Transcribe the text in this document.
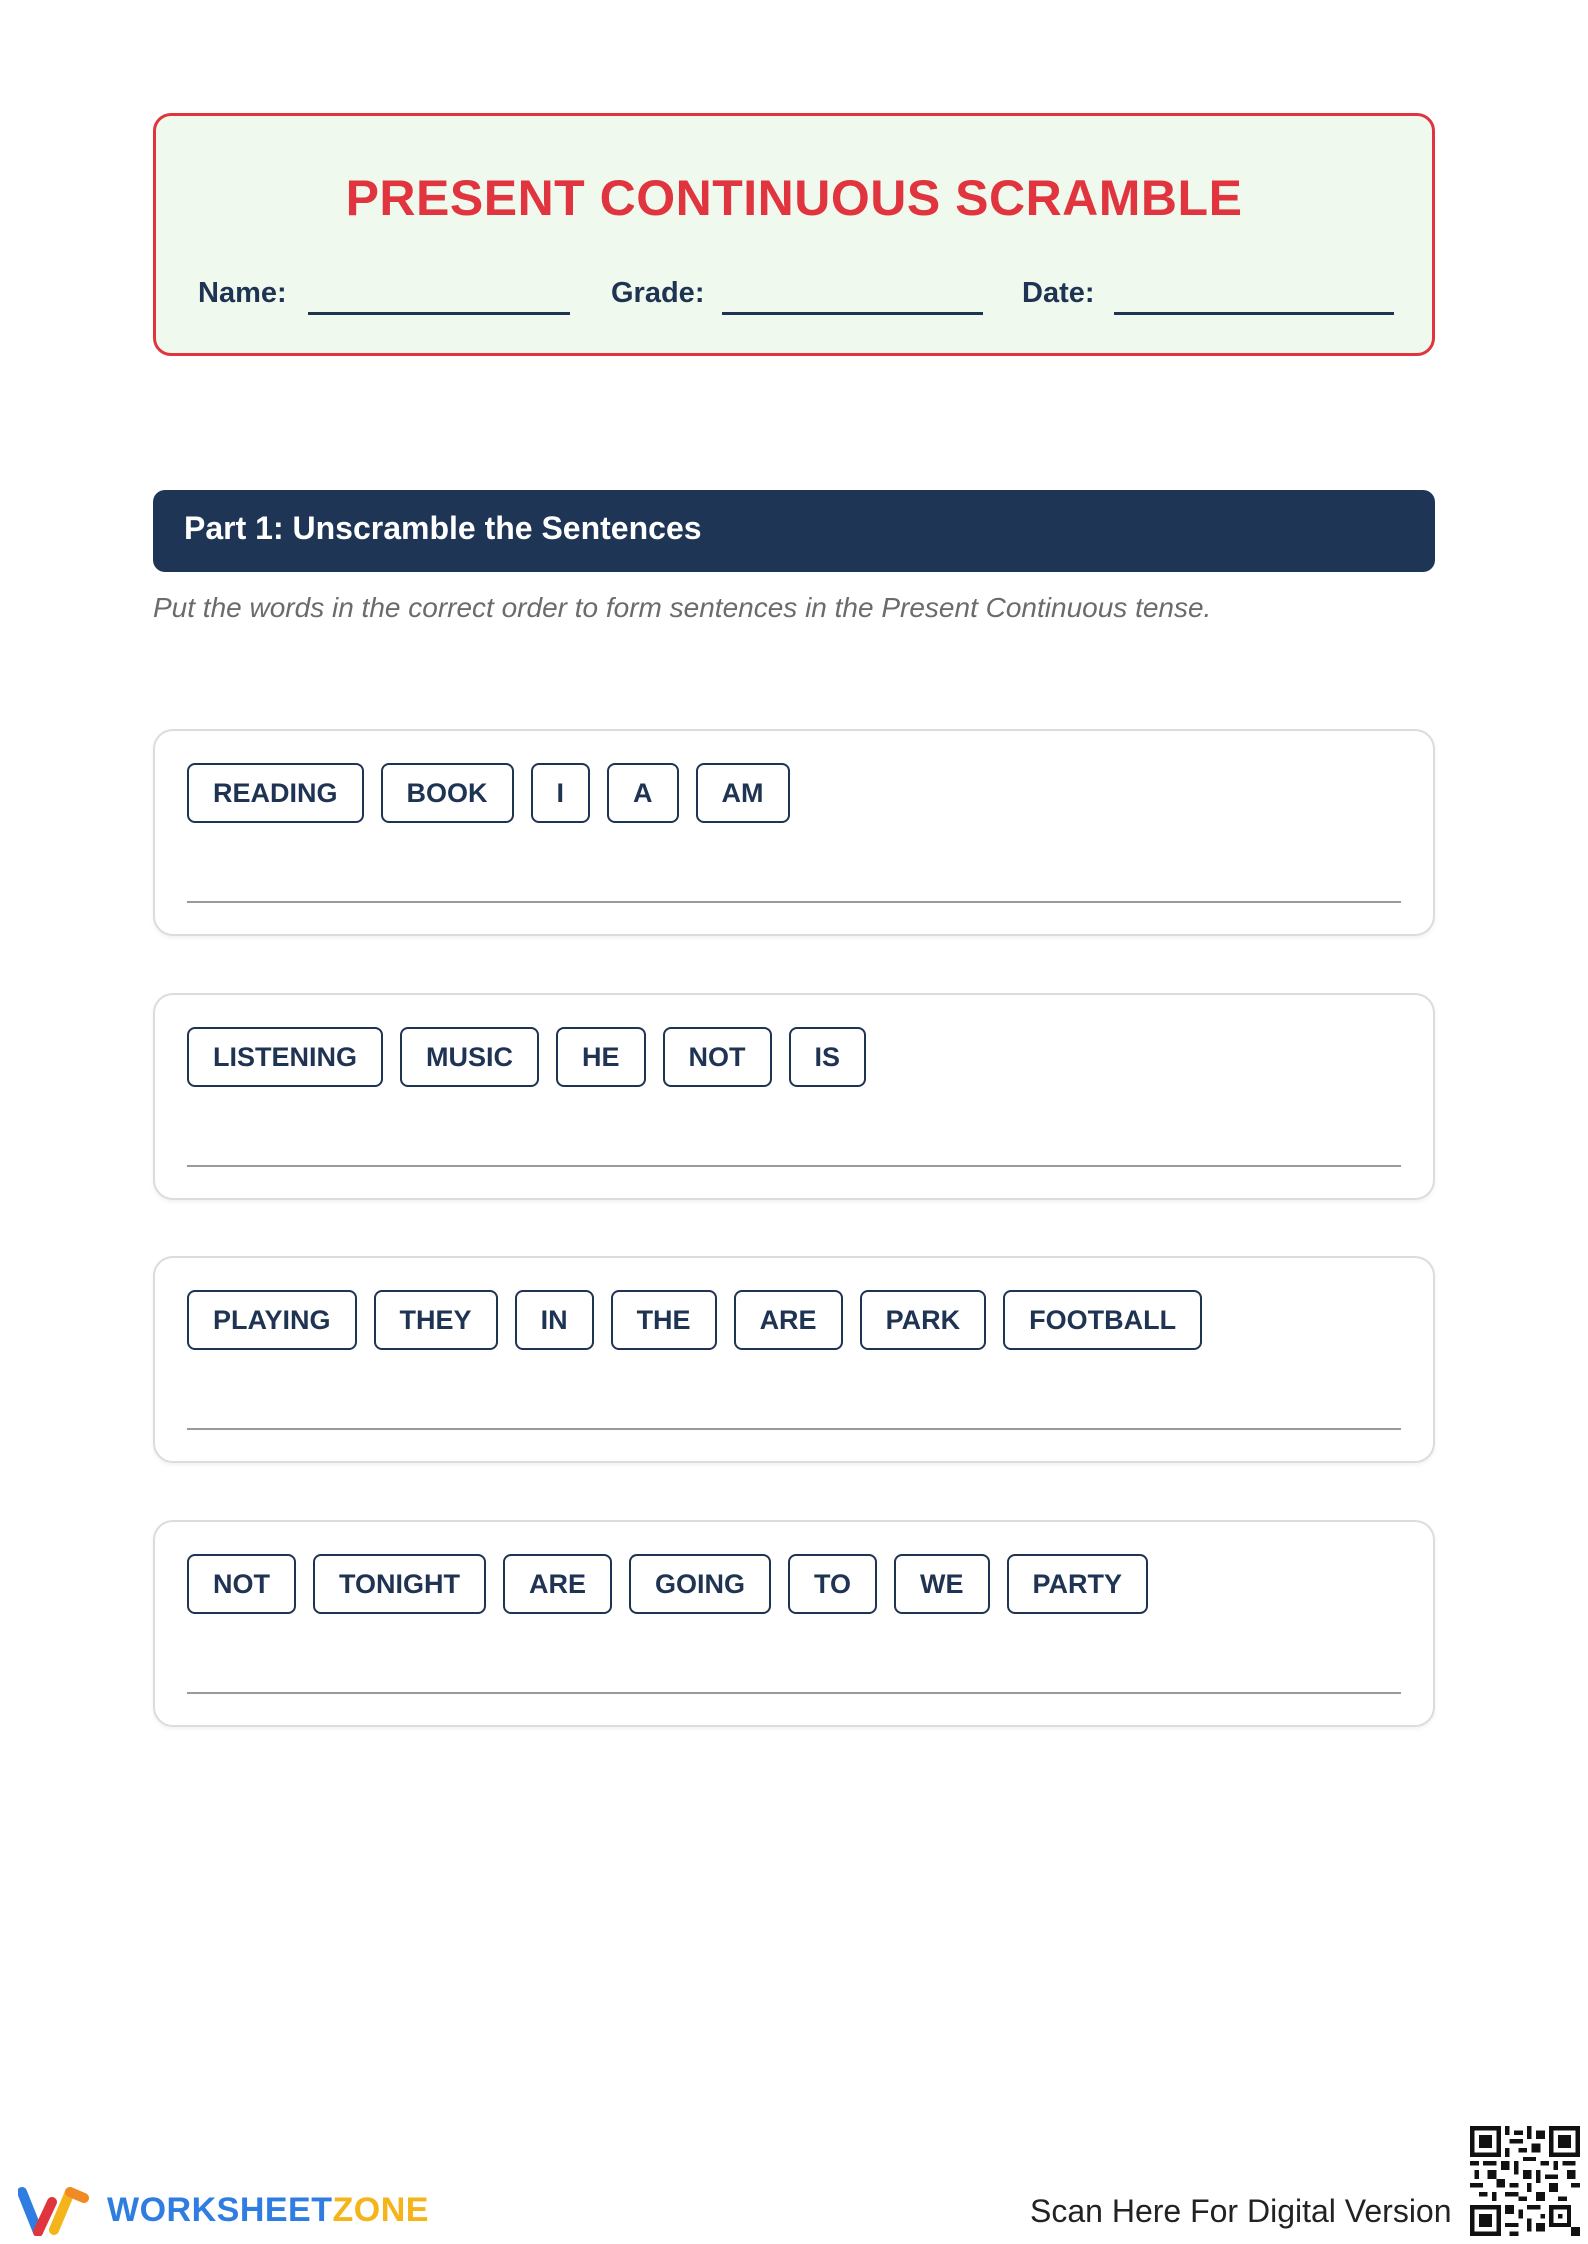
PRESENT CONTINUOUS SCRAMBLE
Name:	Grade:	Date:
Part 1: Unscramble the Sentences
Put the words in the correct order to form sentences in the Present Continuous tense.
READING	BOOK	I	A	AM
LISTENING	MUSIC	HE	NOT	IS
PLAYING	THEY	IN	THE	ARE	PARK	FOOTBALL
NOT	TONIGHT	ARE	GOING	TO	WE	PARTY
WORKSHEETZONE	Scan Here For Digital Version
